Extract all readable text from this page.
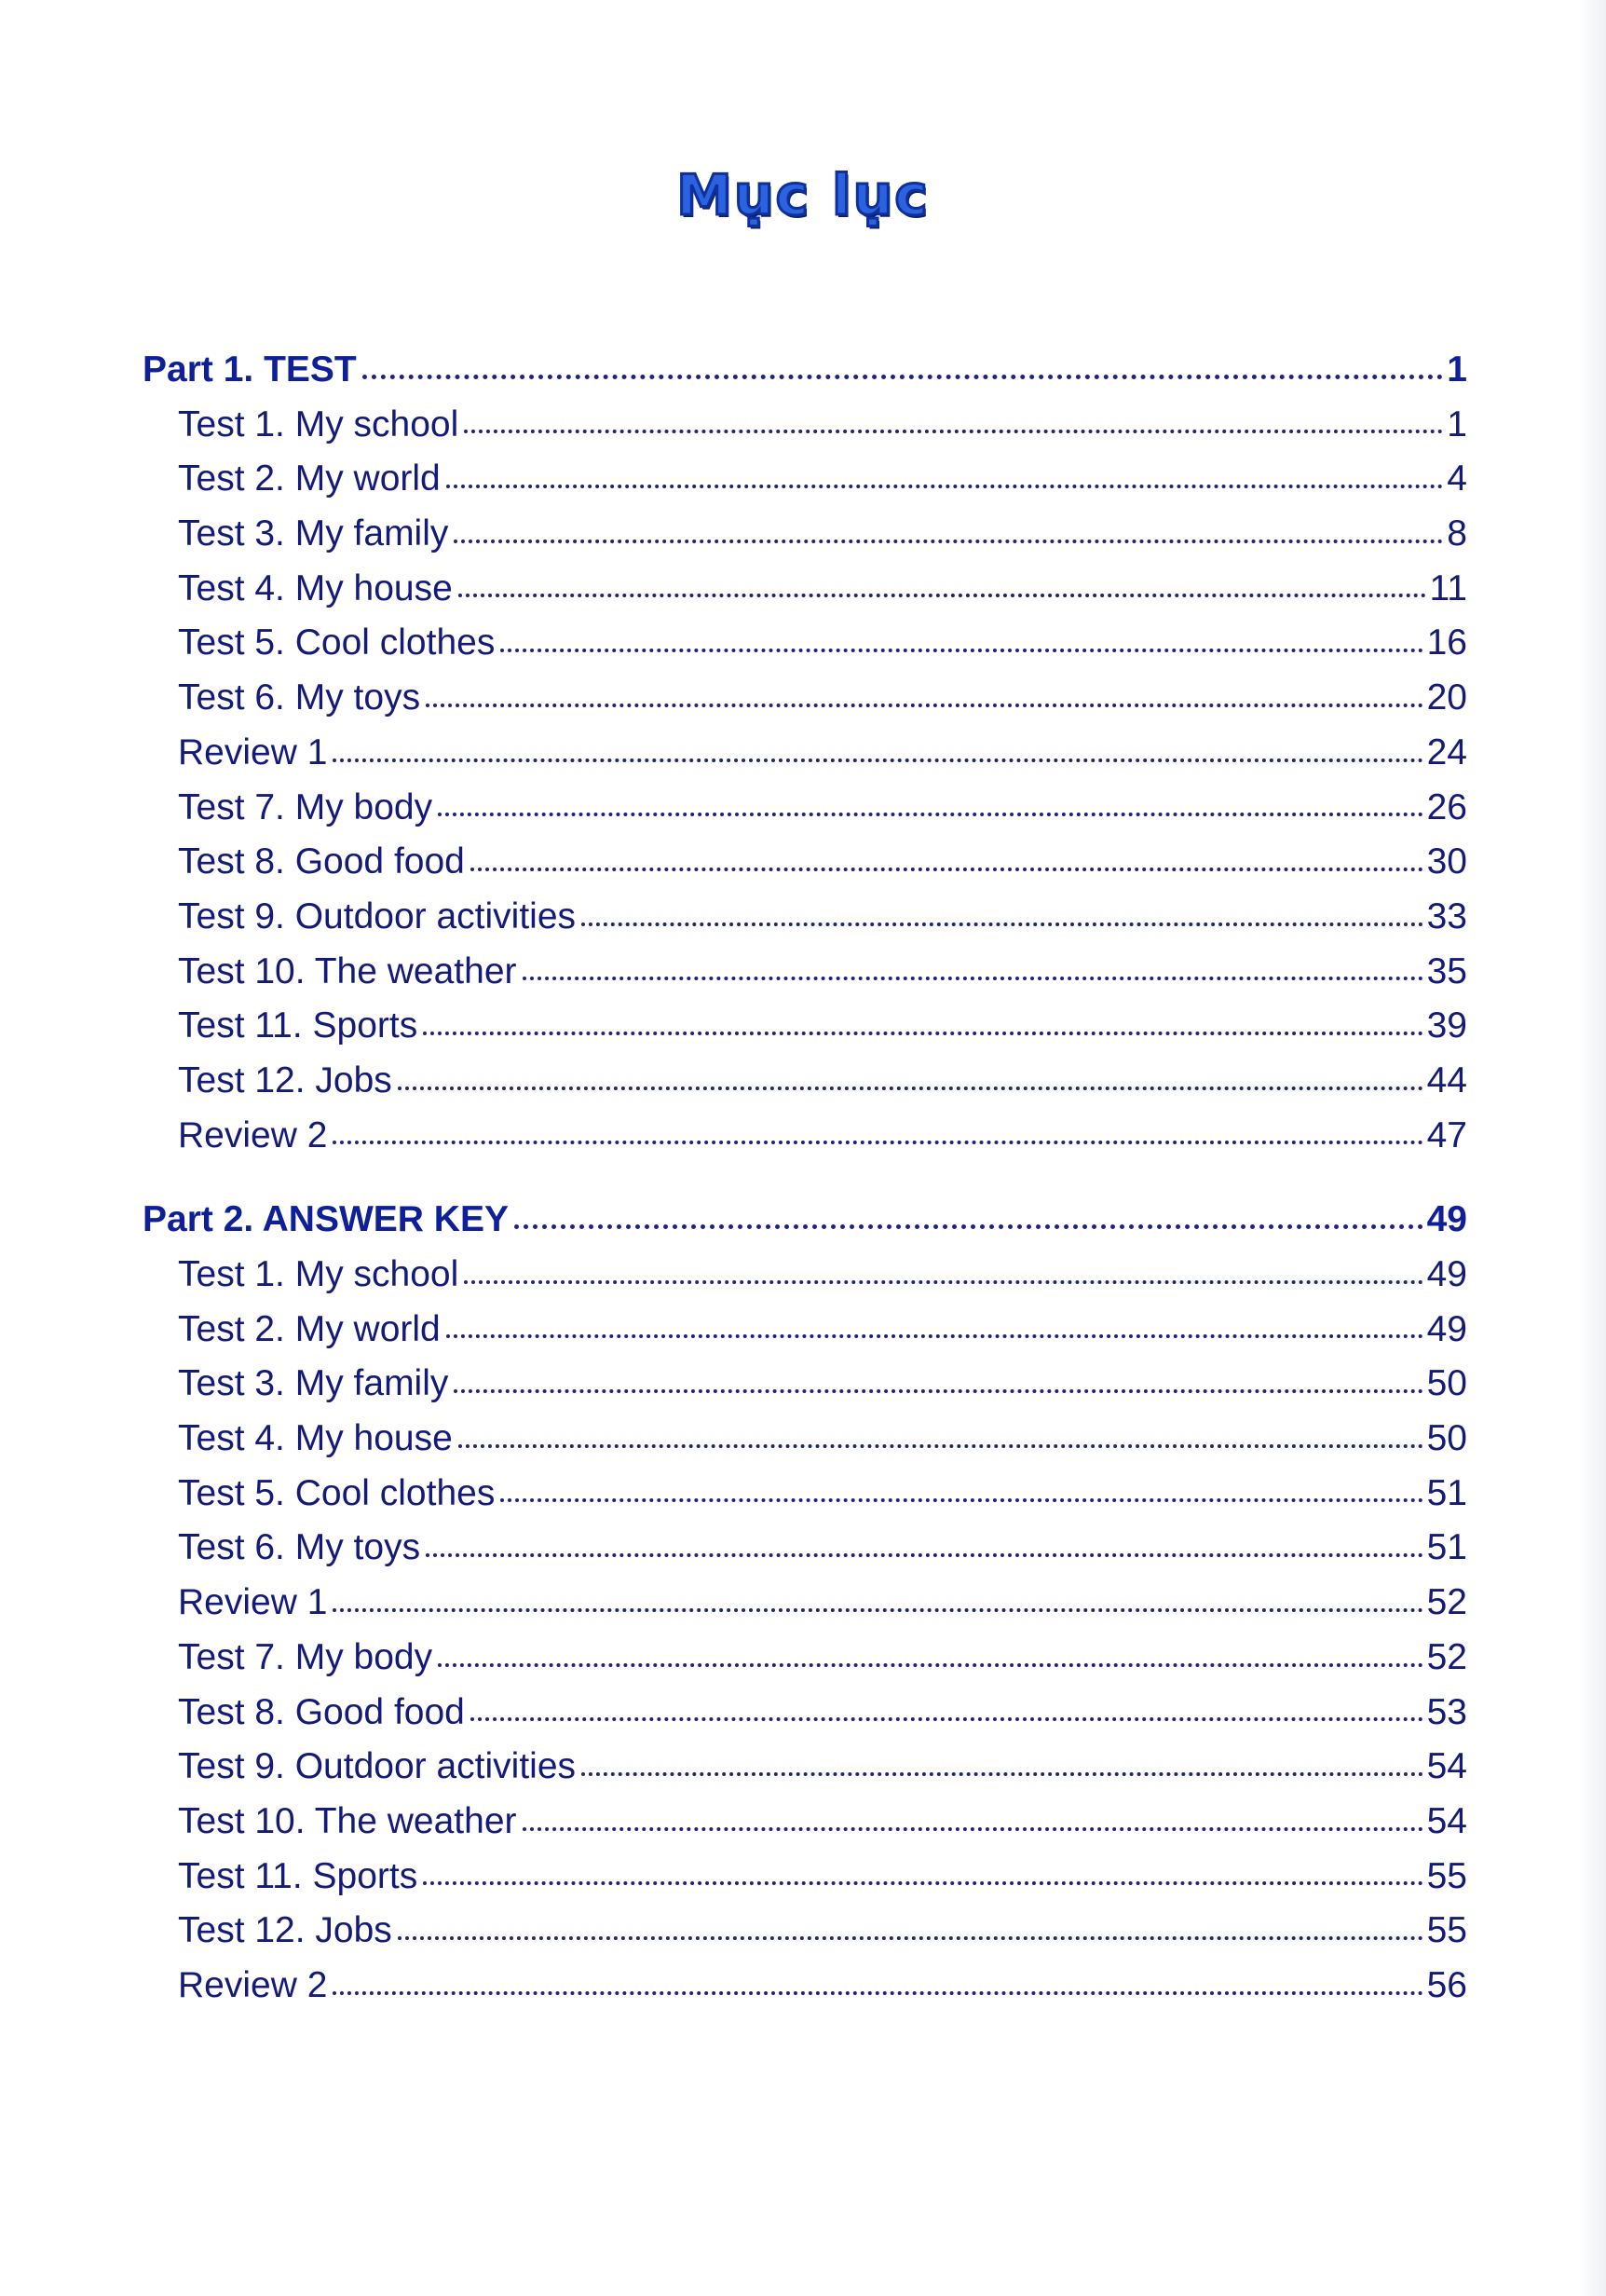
Mục lục
Part 1. TEST	1
Test 1. My school	1
Test 2. My world	4
Test 3. My family	8
Test 4. My house	11
Test 5. Cool clothes	16
Test 6. My toys	20
Review 1	24
Test 7. My body	26
Test 8. Good food	30
Test 9. Outdoor activities	33
Test 10. The weather	35
Test 11. Sports	39
Test 12. Jobs	44
Review 2	47
Part 2. ANSWER KEY	49
Test 1. My school	49
Test 2. My world	49
Test 3. My family	50
Test 4. My house	50
Test 5. Cool clothes	51
Test 6. My toys	51
Review 1	52
Test 7. My body	52
Test 8. Good food	53
Test 9. Outdoor activities	54
Test 10. The weather	54
Test 11. Sports	55
Test 12. Jobs	55
Review 2	56
